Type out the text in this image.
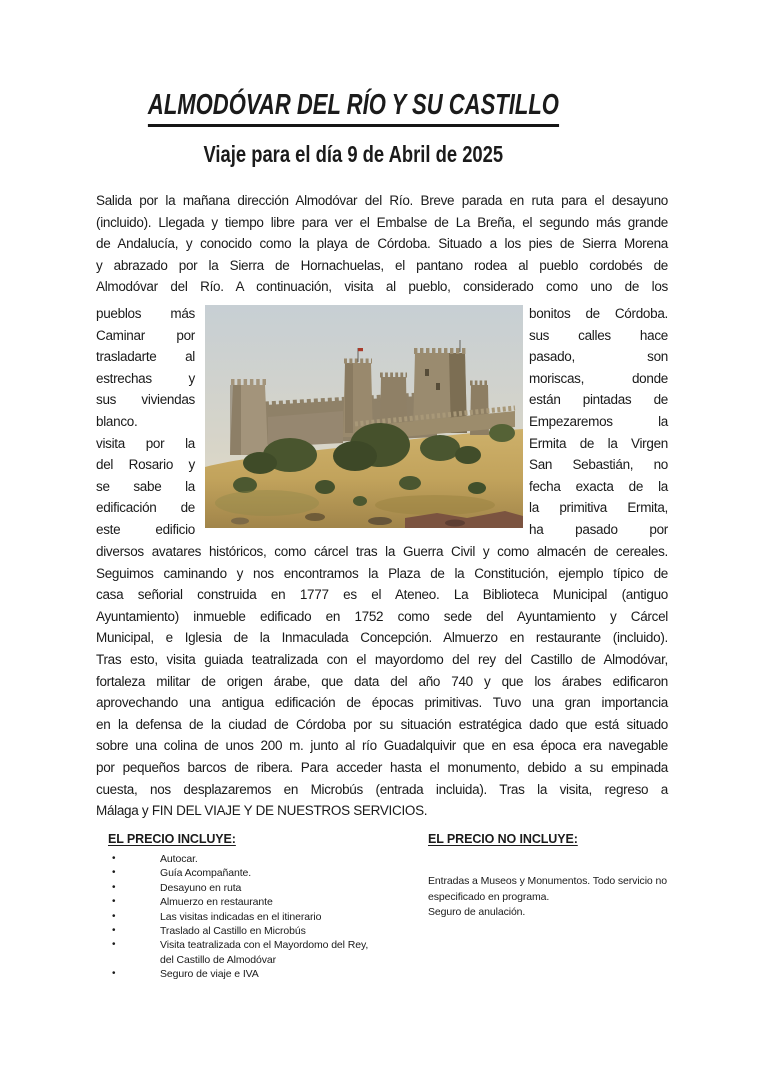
ALMODÓVAR DEL RÍO Y SU CASTILLO
Viaje para el día 9 de Abril de 2025
Salida por la mañana dirección Almodóvar del Río. Breve parada en ruta para el desayuno
(incluido). Llegada y tiempo libre para ver el Embalse de La Breña, el segundo más grande
de Andalucía, y conocido como la playa de Córdoba. Situado a los pies de Sierra Morena
y abrazado por la Sierra de Hornachuelas, el pantano rodea al pueblo cordobés de
Almodóvar del Río. A continuación, visita al pueblo, considerado como uno de los
pueblos más
Caminar por
trasladarte al
estrechas y
sus viviendas
blanco.
visita por la
del Rosario y
se sabe la
edificación de
este edificio
bonitos de Córdoba.
sus calles hace
pasado, son
moriscas, donde
están pintadas de
Empezaremos la
Ermita de la Virgen
San Sebastián, no
fecha exacta de la
la primitiva Ermita,
ha pasado por
diversos avatares históricos, como cárcel tras la Guerra Civil y como almacén de cereales.
Seguimos caminando y nos encontramos la Plaza de la Constitución, ejemplo típico de
casa señorial construida en 1777 es el Ateneo. La Biblioteca Municipal (antiguo
Ayuntamiento) inmueble edificado en 1752 como sede del Ayuntamiento y Cárcel
Municipal, e Iglesia de la Inmaculada Concepción. Almuerzo en restaurante (incluido).
Tras esto, visita guiada teatralizada con el mayordomo del rey del Castillo de Almodóvar,
fortaleza militar de origen árabe, que data del año 740 y que los árabes edificaron
aprovechando una antigua edificación de épocas primitivas. Tuvo una gran importancia
en la defensa de la ciudad de Córdoba por su situación estratégica dado que está situado
sobre una colina de unos 200 m. junto al río Guadalquivir que en esa época era navegable
por pequeños barcos de ribera. Para acceder hasta el monumento, debido a su empinada
cuesta, nos desplazaremos en Microbús (entrada incluida). Tras la visita, regreso a
Málaga y FIN DEL VIAJE Y DE NUESTROS SERVICIOS.
EL PRECIO INCLUYE:
•	Autocar.
•	Guía Acompañante.
•	Desayuno en ruta
•	Almuerzo en restaurante
•	Las visitas indicadas en el itinerario
•	Traslado al Castillo en Microbús
•	Visita teatralizada con el Mayordomo del Rey,
del Castillo de Almodóvar
•	Seguro de viaje e IVA
EL PRECIO NO INCLUYE:
Entradas a Museos y Monumentos. Todo servicio no
especificado en programa.
Seguro de anulación.
